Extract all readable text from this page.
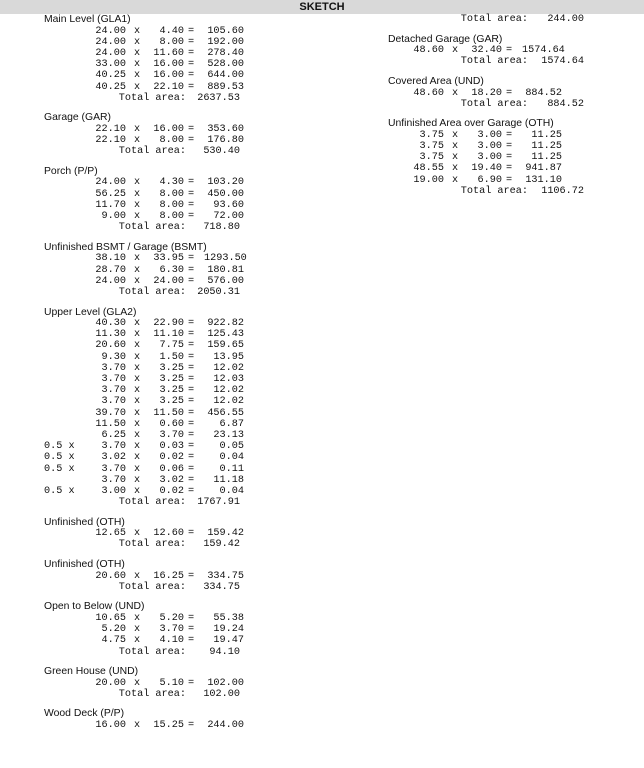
SKETCH
Main Level (GLA1)
24.00 x 4.40 = 105.60
24.00 x 8.00 = 192.00
24.00 x 11.60 = 278.40
33.00 x 16.00 = 528.00
40.25 x 16.00 = 644.00
40.25 x 22.10 = 889.53
Total area: 2637.53
Garage (GAR)
22.10 x 16.00 = 353.60
22.10 x 8.00 = 176.80
Total area: 530.40
Porch (P/P)
24.00 x 4.30 = 103.20
56.25 x 8.00 = 450.00
11.70 x 8.00 = 93.60
9.00 x 8.00 = 72.00
Total area: 718.80
Unfinished BSMT / Garage (BSMT)
38.10 x 33.95 = 1293.50
28.70 x 6.30 = 180.81
24.00 x 24.00 = 576.00
Total area: 2050.31
Upper Level (GLA2)
40.30 x 22.90 = 922.82
11.30 x 11.10 = 125.43
20.60 x 7.75 = 159.65
9.30 x 1.50 = 13.95
3.70 x 3.25 = 12.02
3.70 x 3.25 = 12.03
3.70 x 3.25 = 12.02
3.70 x 3.25 = 12.02
39.70 x 11.50 = 456.55
11.50 x 0.60 = 6.87
6.25 x 3.70 = 23.13
0.5 x	3.70 x 0.03 = 0.05
0.5 x	3.02 x 0.02 = 0.04
0.5 x	3.70 x 0.06 = 0.11
3.70 x 3.02 = 11.18
0.5 x	3.00 x 0.02 = 0.04
Total area: 1767.91
Unfinished (OTH)
12.65 x 12.60 = 159.42
Total area: 159.42
Unfinished (OTH)
20.60 x 16.25 = 334.75
Total area: 334.75
Open to Below (UND)
10.65 x 5.20 = 55.38
5.20 x 3.70 = 19.24
4.75 x 4.10 = 19.47
Total area: 94.10
Green House (UND)
20.00 x 5.10 = 102.00
Total area: 102.00
Wood Deck (P/P)
16.00 x 15.25 = 244.00
Total area: 244.00
Detached Garage (GAR)
48.60 x 32.40 = 1574.64
Total area: 1574.64
Covered Area (UND)
48.60 x 18.20 = 884.52
Total area: 884.52
Unfinished Area over Garage (OTH)
3.75 x 3.00 = 11.25
3.75 x 3.00 = 11.25
3.75 x 3.00 = 11.25
48.55 x 19.40 = 941.87
19.00 x 6.90 = 131.10
Total area: 1106.72
